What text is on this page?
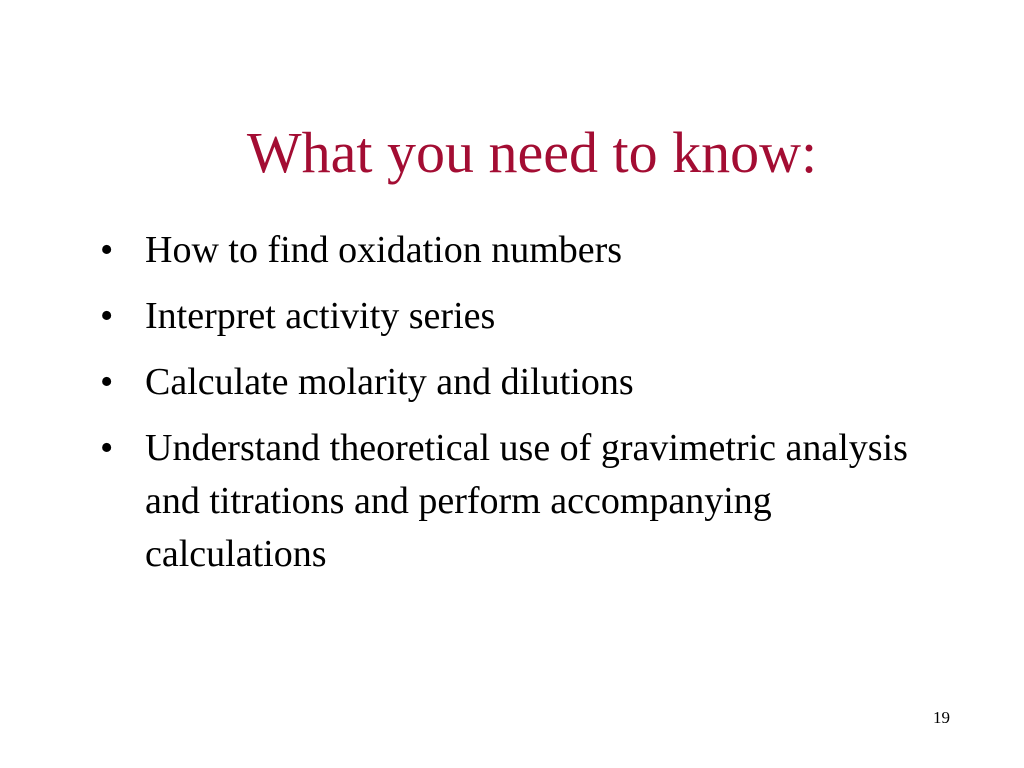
What you need to know:
• How to find oxidation numbers
• Interpret activity series
• Calculate molarity and dilutions
• Understand theoretical use of gravimetric analysis and titrations and perform accompanying calculations
19
